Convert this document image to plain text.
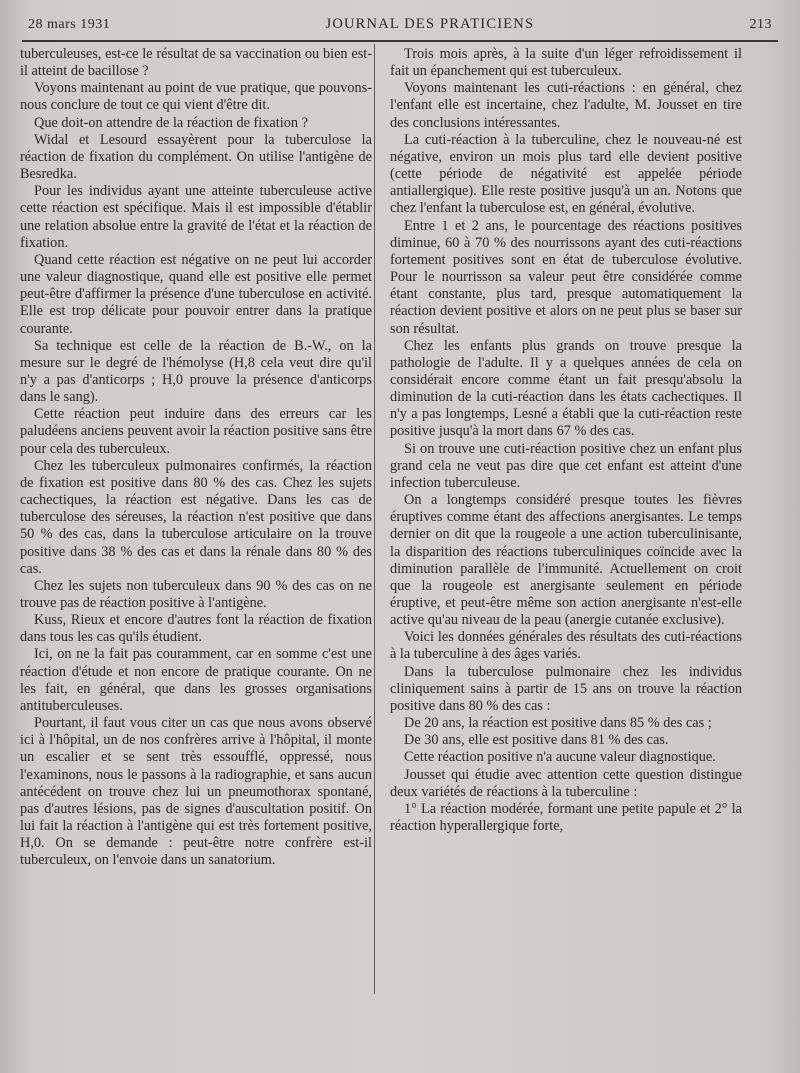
28 mars 1931	JOURNAL DES PRATICIENS	213

tuberculeuses, est-ce le résultat de sa vaccination ou bien est-il atteint de bacillose ?

Voyons maintenant au point de vue pratique, que pouvons-nous conclure de tout ce qui vient d'être dit.

Que doit-on attendre de la réaction de fixation ?

Widal et Lesourd essayèrent pour la tuberculose la réaction de fixation du complément. On utilise l'antigène de Besredka.

Pour les individus ayant une atteinte tuberculeuse active cette réaction est spécifique. Mais il est impossible d'établir une relation absolue entre la gravité de l'état et la réaction de fixation.

Quand cette réaction est négative on ne peut lui accorder une valeur diagnostique, quand elle est positive elle permet peut-être d'affirmer la présence d'une tuberculose en activité. Elle est trop délicate pour pouvoir entrer dans la pratique courante.

Sa technique est celle de la réaction de B.-W., on la mesure sur le degré de l'hémolyse (H,8 cela veut dire qu'il n'y a pas d'anticorps ; H,0 prouve la présence d'anticorps dans le sang).

Cette réaction peut induire dans des erreurs car les paludéens anciens peuvent avoir la réaction positive sans être pour cela des tuberculeux.

Chez les tuberculeux pulmonaires confirmés, la réaction de fixation est positive dans 80 % des cas. Chez les sujets cachectiques, la réaction est négative. Dans les cas de tuberculose des séreuses, la réaction n'est positive que dans 50 % des cas, dans la tuberculose articulaire on la trouve positive dans 38 % des cas et dans la rénale dans 80 % des cas.

Chez les sujets non tuberculeux dans 90 % des cas on ne trouve pas de réaction positive à l'antigène.

Kuss, Rieux et encore d'autres font la réaction de fixation dans tous les cas qu'ils étudient.

Ici, on ne la fait pas couramment, car en somme c'est une réaction d'étude et non encore de pratique courante. On ne les fait, en général, que dans les grosses organisations antituberculeuses.

Pourtant, il faut vous citer un cas que nous avons observé ici à l'hôpital, un de nos confrères arrive à l'hôpital, il monte un escalier et se sent très essoufflé, oppressé, nous l'examinons, nous le passons à la radiographie, et sans aucun antécédent on trouve chez lui un pneumothorax spontané, pas d'autres lésions, pas de signes d'auscultation positif. On lui fait la réaction à l'antigène qui est très fortement positive, H,0. On se demande : peut-être notre confrère est-il tuberculeux, on l'envoie dans un sanatorium.

Trois mois après, à la suite d'un léger refroidissement il fait un épanchement qui est tuberculeux.

Voyons maintenant les cuti-réactions : en général, chez l'enfant elle est incertaine, chez l'adulte, M. Jousset en tire des conclusions intéressantes.

La cuti-réaction à la tuberculine, chez le nouveau-né est négative, environ un mois plus tard elle devient positive (cette période de négativité est appelée période antiallergique). Elle reste positive jusqu'à un an. Notons que chez l'enfant la tuberculose est, en général, évolutive.

Entre 1 et 2 ans, le pourcentage des réactions positives diminue, 60 à 70 % des nourrissons ayant des cuti-réactions fortement positives sont en état de tuberculose évolutive. Pour le nourrisson sa valeur peut être considérée comme étant constante, plus tard, presque automatiquement la réaction devient positive et alors on ne peut plus se baser sur son résultat.

Chez les enfants plus grands on trouve presque la pathologie de l'adulte. Il y a quelques années de cela on considérait encore comme étant un fait presqu'absolu la diminution de la cuti-réaction dans les états cachectiques. Il n'y a pas longtemps, Lesné a établi que la cuti-réaction reste positive jusqu'à la mort dans 67 % des cas.

Si on trouve une cuti-réaction positive chez un enfant plus grand cela ne veut pas dire que cet enfant est atteint d'une infection tuberculeuse.

On a longtemps considéré presque toutes les fièvres éruptives comme étant des affections anergisantes. Le temps dernier on dit que la rougeole a une action tuberculinisante, la disparition des réactions tuberculiniques coïncide avec la diminution parallèle de l'immunité. Actuellement on croit que la rougeole est anergisante seulement en période éruptive, et peut-être même son action anergisante n'est-elle active qu'au niveau de la peau (anergie cutanée exclusive).

Voici les données générales des résultats des cuti-réactions à la tuberculine à des âges variés.

Dans la tuberculose pulmonaire chez les individus cliniquement sains à partir de 15 ans on trouve la réaction positive dans 80 % des cas :

De 20 ans, la réaction est positive dans 85 % des cas ;

De 30 ans, elle est positive dans 81 % des cas.

Cette réaction positive n'a aucune valeur diagnostique.

Jousset qui étudie avec attention cette question distingue deux variétés de réactions à la tuberculine :

1° La réaction modérée, formant une petite papule et 2° la réaction hyperallergique forte,
